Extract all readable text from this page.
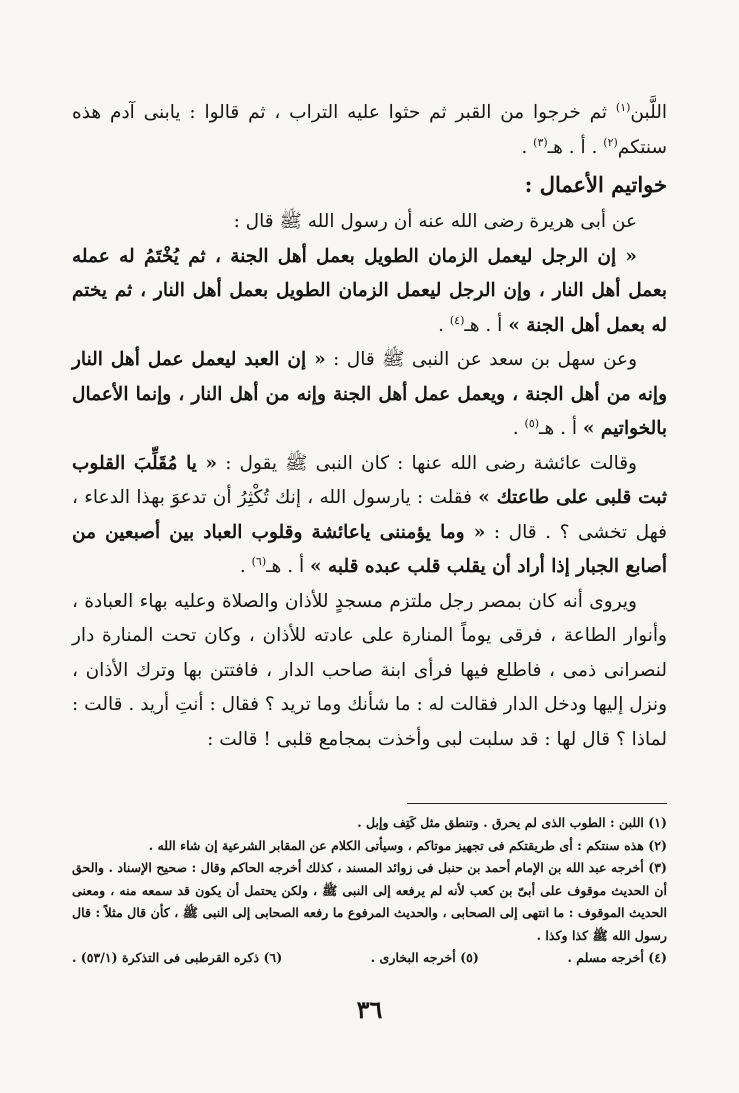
اللَّبن$^{(١)}$ ثم خرجوا من القبر ثم حثوا عليه التراب ، ثم قالوا : يابنى آدم هذه سنتكم$^{(٢)}$ . أ . هـ$^{(٣)}$ .

خواتيم الأعمال :

عن أبى هريرة رضى الله عنه أن رسول الله ﷺ قال :

« إن الرجل ليعمل الزمان الطويل بعمل أهل الجنة ، ثم يُخْتَمُ له عمله بعمل أهل النار ، وإن الرجل ليعمل الزمان الطويل بعمل أهل النار ، ثم يختم له بعمل أهل الجنة » أ . هـ$^{(٤)}$ .

وعن سهل بن سعد عن النبى ﷺ قال : « إن العبد ليعمل عمل أهل النار وإنه من أهل الجنة ، ويعمل عمل أهل الجنة وإنه من أهل النار ، وإنما الأعمال بالخواتيم » أ . هـ$^{(٥)}$ .

وقالت عائشة رضى الله عنها : كان النبى ﷺ يقول : « يا مُقَلِّبَ القلوب ثبت قلبى على طاعتك » فقلت : يارسول الله ، إنك تُكْثِرُ أن تدعوَ بهذا الدعاء ، فهل تخشى ؟ . قال : « وما يؤمننى ياعائشة وقلوب العباد بين أصبعين من أصابع الجبار إذا أراد أن يقلب قلب عبده قلبه » أ . هـ$^{(٦)}$ .

ويروى أنه كان بمصر رجل ملتزم مسجدٍ للأذان والصلاة وعليه بهاء العبادة ، وأنوار الطاعة ، فرقى يوماً المنارة على عادته للأذان ، وكان تحت المنارة دار لنصرانى ذمى ، فاطلع فيها فرأى ابنة صاحب الدار ، فافتتن بها وترك الأذان ، ونزل إليها ودخل الدار فقالت له : ما شأنك وما تريد ؟ فقال : أنتِ أريد . قالت : لماذا ؟ قال لها : قد سلبت لبى وأخذت بمجامع قلبى ! قالت :

(١) اللبن : الطوب الذى لم يحرق . وتنطق مثل كَتِف وإبل .

(٢) هذه سنتكم : أى طريقتكم فى تجهيز موتاكم ، وسيأتى الكلام عن المقابر الشرعية إن شاء الله .

(٣) أخرجه عبد الله بن الإمام أحمد بن حنبل فى زوائد المسند ، كذلك أخرجه الحاكم وقال : صحيح الإسناد . والحق أن الحديث موقوف على أبىّ بن كعب لأنه لم يرفعه إلى النبى ﷺ ، ولكن يحتمل أن يكون قد سمعه منه ، ومعنى الحديث الموقوف : ما انتهى إلى الصحابى ، والحديث المرفوع ما رفعه الصحابى إلى النبى ﷺ ، كأن قال مثلاً : قال رسول الله ﷺ كذا وكذا .

(٤) أخرجه مسلم .
(٥) أخرجه البخارى .
(٦) ذكره القرطبى فى التذكرة (٥٣/١) .
٣٦
